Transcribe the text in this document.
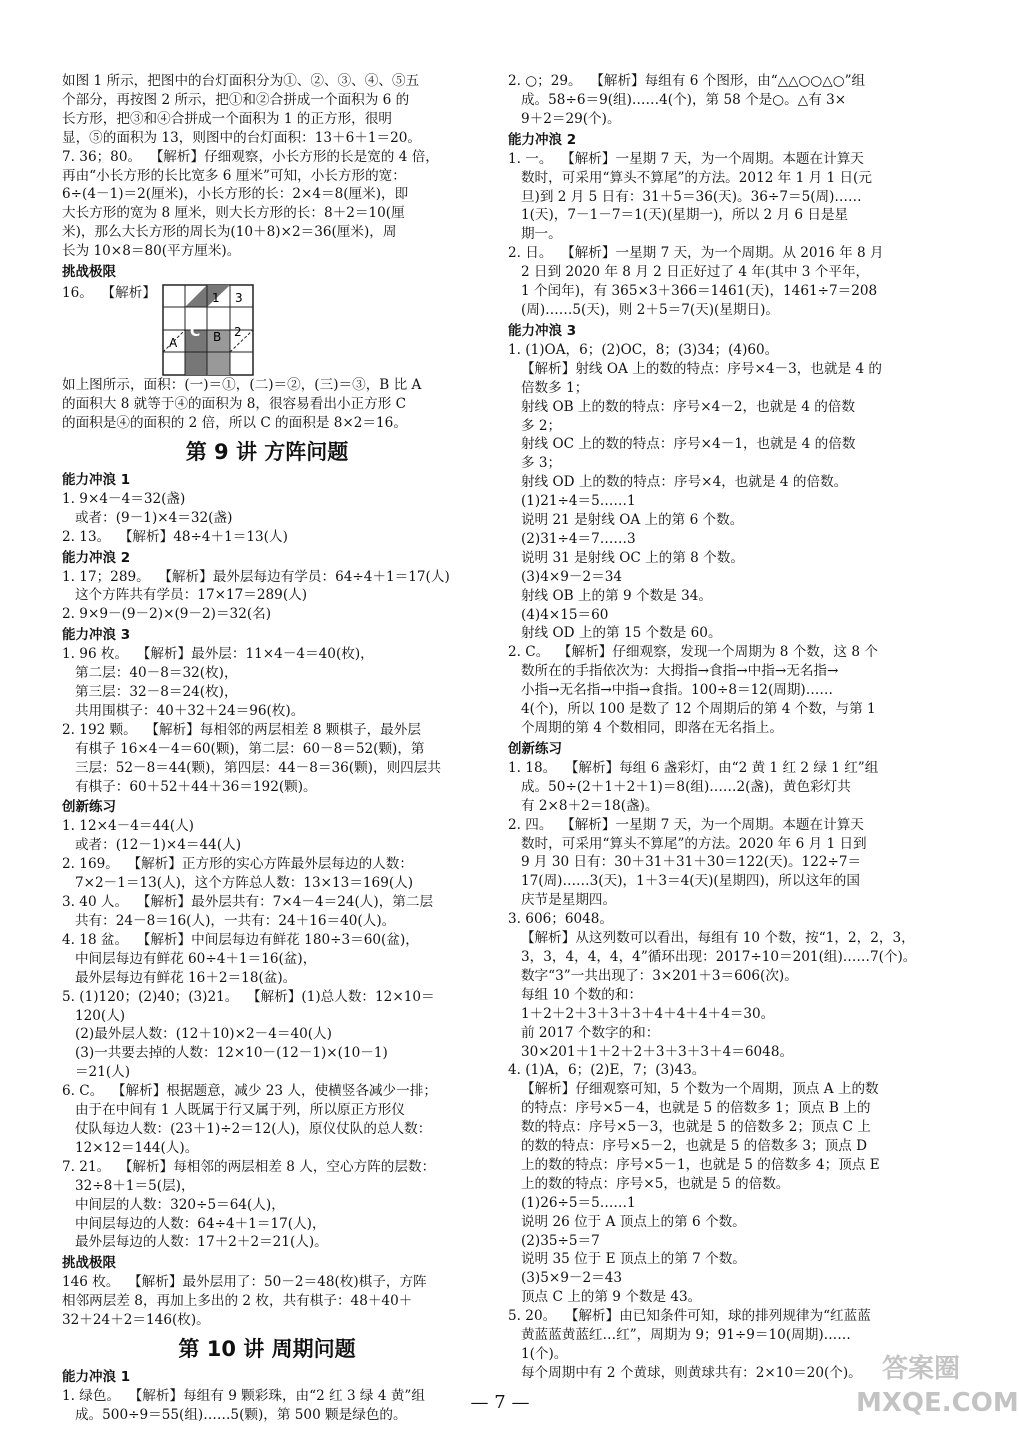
如图 1 所示，把图中的台灯面积分为①、②、③、④、⑤五

个部分，再按图 2 所示，把①和②合拼成一个面积为 6 的

长方形，把③和④合拼成一个面积为 1 的正方形，很明

显，⑤的面积为 13，则图中的台灯面积：13＋6＋1＝20。

7. 36；80。  【解析】仔细观察，小长方形的长是宽的 4 倍，

再由“小长方形的长比宽多 6 厘米”可知，小长方形的宽：

6÷(4－1)＝2(厘米)，小长方形的长：2×4＝8(厘米)，即

大长方形的宽为 8 厘米，则大长方形的长：8＋2＝10(厘

米)，那么大长方形的周长为(10＋8)×2＝36(厘米)，周

长为 10×8＝80(平方厘米)。

挑战极限

16。  【解析】	1 3
A
C B 2

如上图所示，面积：(一)＝①，(二)＝②，(三)＝③，B 比 A

的面积大 8 就等于④的面积为 8，很容易看出小正方形 C

的面积是④的面积的 2 倍，所以 C 的面积是 8×2＝16。

第 9 讲 方阵问题

能力冲浪 1

1. 9×4－4＝32(盏)

或者：(9－1)×4＝32(盏)

2. 13。  【解析】48÷4＋1＝13(人)

能力冲浪 2

1. 17；289。  【解析】最外层每边有学员：64÷4＋1＝17(人)

这个方阵共有学员：17×17＝289(人)

2. 9×9－(9－2)×(9－2)＝32(名)

能力冲浪 3

1. 96 枚。  【解析】最外层：11×4－4＝40(枚)，

第二层：40－8＝32(枚)，

第三层：32－8＝24(枚)，

共用围棋子：40＋32＋24＝96(枚)。

2. 192 颗。  【解析】每相邻的两层相差 8 颗棋子，最外层

有棋子 16×4－4＝60(颗)，第二层：60－8＝52(颗)，第

三层：52－8＝44(颗)，第四层：44－8＝36(颗)，则四层共

有棋子：60＋52＋44＋36＝192(颗)。

创新练习

1. 12×4－4＝44(人)

或者：(12－1)×4＝44(人)

2. 169。  【解析】正方形的实心方阵最外层每边的人数：

7×2－1＝13(人)，这个方阵总人数：13×13＝169(人)

3. 40 人。  【解析】最外层共有：7×4－4＝24(人)，第二层

共有：24－8＝16(人)，一共有：24＋16＝40(人)。

4. 18 盆。  【解析】中间层每边有鲜花 180÷3＝60(盆)，

中间层每边有鲜花 60÷4＋1＝16(盆)，

最外层每边有鲜花 16＋2＝18(盆)。

5. (1)120；(2)40；(3)21。  【解析】(1)总人数：12×10＝

120(人)

(2)最外层人数：(12＋10)×2－4＝40(人)

(3)一共要去掉的人数：12×10－(12－1)×(10－1)

＝21(人)

6. C。  【解析】根据题意，减少 23 人，使横竖各减少一排；

由于在中间有 1 人既属于行又属于列，所以原正方形仪

仗队每边人数：(23＋1)÷2＝12(人)，原仪仗队的总人数：

12×12＝144(人)。

7. 21。  【解析】每相邻的两层相差 8 人，空心方阵的层数：

32÷8＋1＝5(层)，

中间层的人数：320÷5＝64(人)，

中间层每边的人数：64÷4＋1＝17(人)，

最外层每边的人数：17＋2＋2＝21(人)。

挑战极限

146 枚。  【解析】最外层用了：50－2＝48(枚)棋子，方阵

相邻两层差 8，再加上多出的 2 枚，共有棋子：48＋40＋

32＋24＋2＝146(枚)。

第 10 讲 周期问题

能力冲浪 1

1. 绿色。  【解析】每组有 9 颗彩珠，由“2 红 3 绿 4 黄”组

成。500÷9＝55(组)……5(颗)，第 500 颗是绿色的。

2. ○；29。  【解析】每组有 6 个图形，由“△△○○△○”组

成。58÷6＝9(组)……4(个)，第 58 个是○。△有 3×

9＋2＝29(个)。

能力冲浪 2

1. 一。  【解析】一星期 7 天，为一个周期。本题在计算天

数时，可采用“算头不算尾”的方法。2012 年 1 月 1 日(元

旦)到 2 月 5 日有：31＋5＝36(天)。36÷7＝5(周)……

1(天)，7－1－7＝1(天)(星期一)，所以 2 月 6 日是星

期一。

2. 日。  【解析】一星期 7 天，为一个周期。从 2016 年 8 月

2 日到 2020 年 8 月 2 日正好过了 4 年(其中 3 个平年，

1 个闰年)，有 365×3＋366＝1461(天)，1461÷7＝208

(周)……5(天)，则 2＋5＝7(天)(星期日)。

能力冲浪 3

1. (1)OA，6；(2)OC，8；(3)34；(4)60。

【解析】射线 OA 上的数的特点：序号×4－3，也就是 4 的

倍数多 1；

射线 OB 上的数的特点：序号×4－2，也就是 4 的倍数

多 2；

射线 OC 上的数的特点：序号×4－1，也就是 4 的倍数

多 3；

射线 OD 上的数的特点：序号×4，也就是 4 的倍数。

(1)21÷4＝5……1

说明 21 是射线 OA 上的第 6 个数。

(2)31÷4＝7……3

说明 31 是射线 OC 上的第 8 个数。

(3)4×9－2＝34

射线 OB 上的第 9 个数是 34。

(4)4×15＝60

射线 OD 上的第 15 个数是 60。

2. C。  【解析】仔细观察，发现一个周期为 8 个数，这 8 个

数所在的手指依次为：大拇指→食指→中指→无名指→

小指→无名指→中指→食指。100÷8＝12(周期)……

4(个)，所以 100 是数了 12 个周期后的第 4 个数，与第 1

个周期的第 4 个数相同，即落在无名指上。

创新练习

1. 18。  【解析】每组 6 盏彩灯，由“2 黄 1 红 2 绿 1 红”组

成。50÷(2＋1＋2＋1)＝8(组)……2(盏)，黄色彩灯共

有 2×8＋2＝18(盏)。

2. 四。  【解析】一星期 7 天，为一个周期。本题在计算天

数时，可采用“算头不算尾”的方法。2020 年 6 月 1 日到

9 月 30 日有：30＋31＋31＋30＝122(天)。122÷7＝

17(周)……3(天)，1＋3＝4(天)(星期四)，所以这年的国

庆节是星期四。

3. 606；6048。

【解析】从这列数可以看出，每组有 10 个数，按“1，2，2，3，

3，3，4，4，4，4”循环出现：2017÷10＝201(组)……7(个)。

数字“3”一共出现了：3×201＋3＝606(次)。

每组 10 个数的和：

1＋2＋2＋3＋3＋3＋4＋4＋4＋4＝30。

前 2017 个数字的和：

30×201＋1＋2＋2＋3＋3＋3＋4＝6048。

4. (1)A，6；(2)E，7；(3)43。

【解析】仔细观察可知，5 个数为一个周期，顶点 A 上的数

的特点：序号×5－4，也就是 5 的倍数多 1；顶点 B 上的

数的特点：序号×5－3，也就是 5 的倍数多 2；顶点 C 上

的数的特点：序号×5－2，也就是 5 的倍数多 3；顶点 D

上的数的特点：序号×5－1，也就是 5 的倍数多 4；顶点 E

上的数的特点：序号×5，也就是 5 的倍数。

(1)26÷5＝5……1

说明 26 位于 A 顶点上的第 6 个数。

(2)35÷5＝7

说明 35 位于 E 顶点上的第 7 个数。

(3)5×9－2＝43

顶点 C 上的第 9 个数是 43。

5. 20。  【解析】由已知条件可知，球的排列规律为“红蓝蓝

黄蓝蓝黄蓝红…红”，周期为 9；91÷9＝10(周期)……

1(个)。

每个周期中有 2 个黄球，则黄球共有：2×10＝20(个)。

— 7 —
答案圈 MXQE.COM
